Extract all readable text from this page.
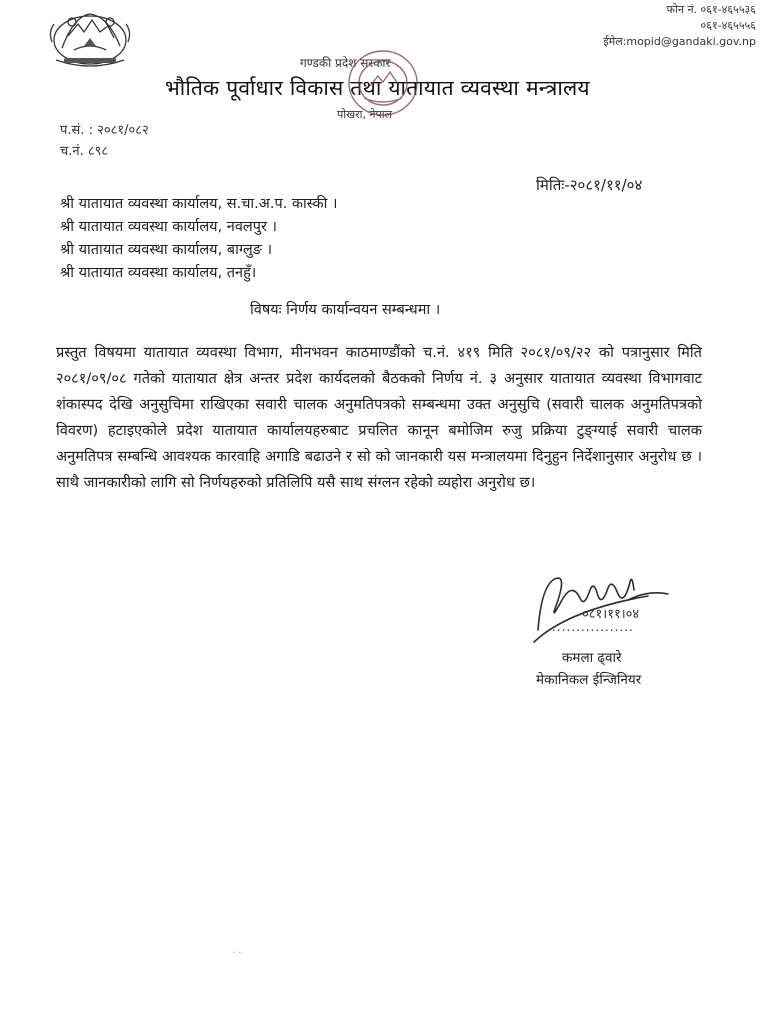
फोन नं. ०६१-४६५५३६
०६१-४६५५५६
ईमेल:mopid@gandaki.gov.np
गण्डकी प्रदेश सरकार
भौतिक पूर्वाधार विकास तथा यातायात व्यवस्था मन्त्रालय
पोखरा, नेपाल
प.सं. : २०८१/०८२
च.नं. ८९८
मितिः-२०८१/११/०४
श्री यातायात व्यवस्था कार्यालय, स.चा.अ.प. कास्की ।
श्री यातायात व्यवस्था कार्यालय, नवलपुर ।
श्री यातायात व्यवस्था कार्यालय, बाग्लुङ ।
श्री यातायात व्यवस्था कार्यालय, तनहुँ।
विषयः निर्णय कार्यान्वयन सम्बन्धमा ।
प्रस्तुत विषयमा यातायात व्यवस्था विभाग, मीनभवन काठमाण्डौंको च.नं. ४१९ मिति २०८१/०९/२२ को पत्रानुसार मिति २०८१/०९/०८ गतेको यातायात क्षेत्र अन्तर प्रदेश कार्यदलको बैठकको निर्णय नं. ३ अनुसार यातायात व्यवस्था विभागवाट शंकास्पद देखि अनुसुचिमा राखिएका सवारी चालक अनुमतिपत्रको सम्बन्धमा उक्त अनुसुचि (सवारी चालक अनुमतिपत्रको विवरण) हटाइएकोले प्रदेश यातायात कार्यालयहरुबाट प्रचलित कानून बमोजिम रुजु प्रक्रिया टुङ्ग्याई सवारी चालक अनुमतिपत्र सम्बन्धि आवश्यक कारवाहि अगाडि बढाउने र सो को जानकारी यस मन्त्रालयमा दिनुहुन निर्देशानुसार अनुरोध छ । साथै जानकारीको लागि सो निर्णयहरुको प्रतिलिपि यसै साथ संग्लन रहेको व्यहोरा अनुरोध छ।
०८१।११।०४
.................
कमला ढ्वारे
मेकानिकल ईन्जिनियर
· ·
